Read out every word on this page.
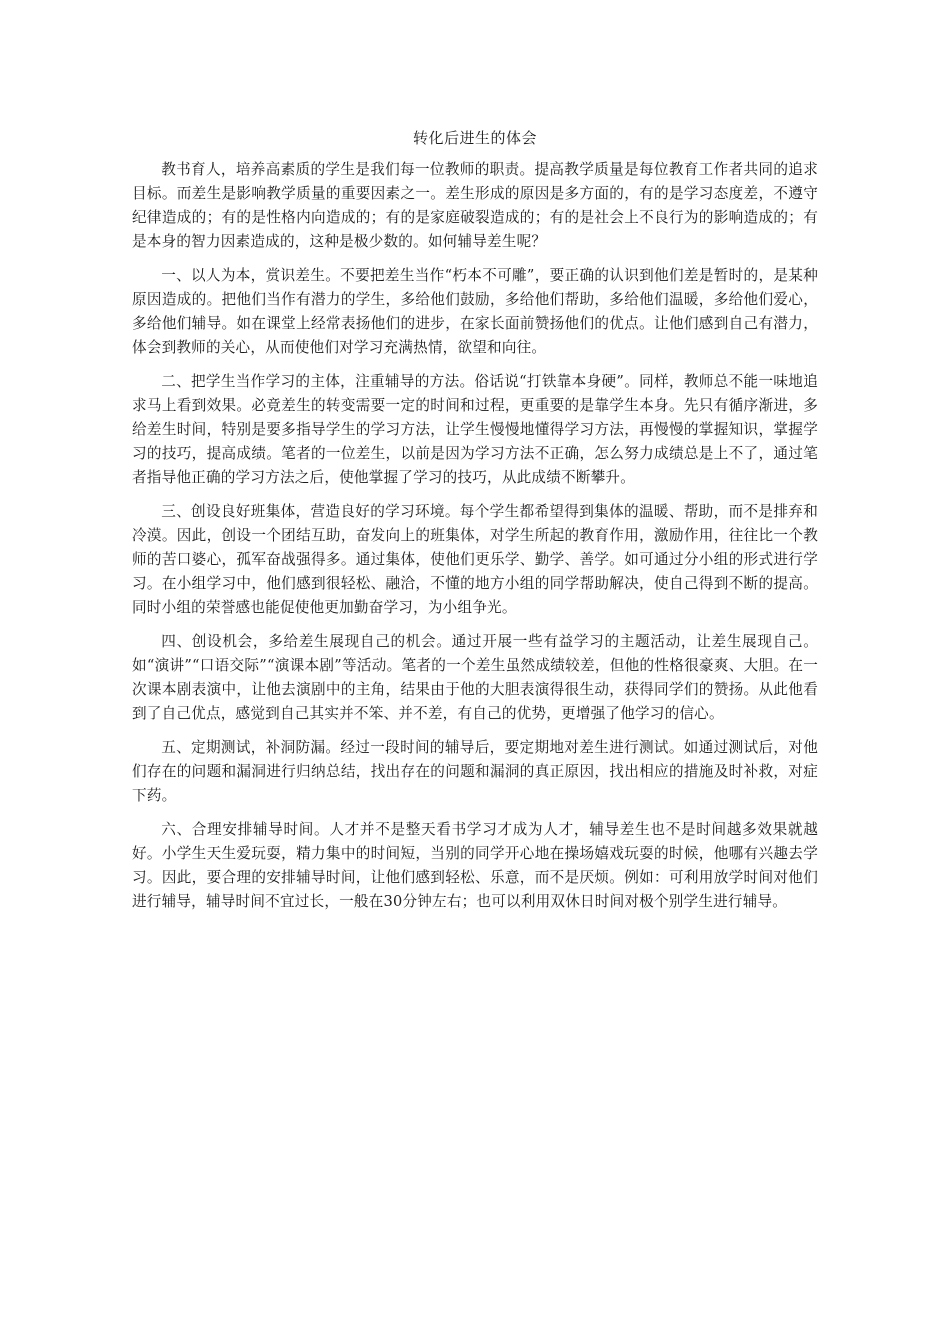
转化后进生的体会

教书育人，培养高素质的学生是我们每一位教师的职责。提高教学质量是每位教育工作者共同的追求目标。而差生是影响教学质量的重要因素之一。差生形成的原因是多方面的，有的是学习态度差，不遵守纪律造成的；有的是性格内向造成的；有的是家庭破裂造成的；有的是社会上不良行为的影响造成的；有是本身的智力因素造成的，这种是极少数的。如何辅导差生呢？

一、以人为本，赏识差生。不要把差生当作“朽本不可雕”，要正确的认识到他们差是暂时的，是某种原因造成的。把他们当作有潜力的学生，多给他们鼓励，多给他们帮助，多给他们温暖，多给他们爱心，多给他们辅导。如在课堂上经常表扬他们的进步，在家长面前赞扬他们的优点。让他们感到自己有潜力，体会到教师的关心，从而使他们对学习充满热情，欲望和向往。

二、把学生当作学习的主体，注重辅导的方法。俗话说“打铁靠本身硬”。同样，教师总不能一味地追求马上看到效果。必竟差生的转变需要一定的时间和过程，更重要的是靠学生本身。先只有循序渐进，多给差生时间，特别是要多指导学生的学习方法，让学生慢慢地懂得学习方法，再慢慢的掌握知识，掌握学习的技巧，提高成绩。笔者的一位差生，以前是因为学习方法不正确，怎么努力成绩总是上不了，通过笔者指导他正确的学习方法之后，使他掌握了学习的技巧，从此成绩不断攀升。

三、创设良好班集体，营造良好的学习环境。每个学生都希望得到集体的温暖、帮助，而不是排弃和冷漠。因此，创设一个团结互助，奋发向上的班集体，对学生所起的教育作用，激励作用，往往比一个教师的苦口婆心，孤军奋战强得多。通过集体，使他们更乐学、勤学、善学。如可通过分小组的形式进行学习。在小组学习中，他们感到很轻松、融洽，不懂的地方小组的同学帮助解决，使自己得到不断的提高。同时小组的荣誉感也能促使他更加勤奋学习，为小组争光。

四、创设机会，多给差生展现自己的机会。通过开展一些有益学习的主题活动，让差生展现自己。如“演讲”“口语交际”“演课本剧”等活动。笔者的一个差生虽然成绩较差，但他的性格很豪爽、大胆。在一次课本剧表演中，让他去演剧中的主角，结果由于他的大胆表演得很生动，获得同学们的赞扬。从此他看到了自己优点，感觉到自己其实并不笨、并不差，有自己的优势，更增强了他学习的信心。

五、定期测试，补洞防漏。经过一段时间的辅导后，要定期地对差生进行测试。如通过测试后，对他们存在的问题和漏洞进行归纳总结，找出存在的问题和漏洞的真正原因，找出相应的措施及时补救，对症下药。

六、合理安排辅导时间。人才并不是整天看书学习才成为人才，辅导差生也不是时间越多效果就越好。小学生天生爱玩耍，精力集中的时间短，当别的同学开心地在操场嬉戏玩耍的时候，他哪有兴趣去学习。因此，要合理的安排辅导时间，让他们感到轻松、乐意，而不是厌烦。例如：可利用放学时间对他们进行辅导，辅导时间不宜过长，一般在30分钟左右；也可以利用双休日时间对极个别学生进行辅导。
